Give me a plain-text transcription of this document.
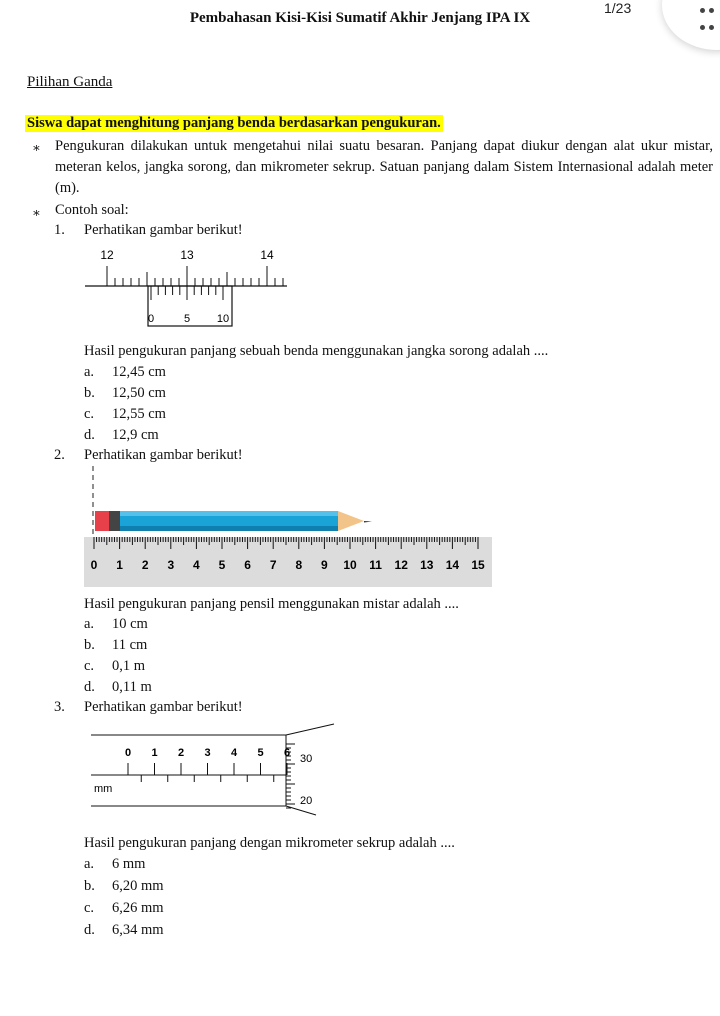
Pembahasan Kisi-Kisi Sumatif Akhir Jenjang IPA IX
1/23

Pilihan Ganda
Siswa dapat menghitung panjang benda berdasarkan pengukuran.
∗ Pengukuran dilakukan untuk mengetahui nilai suatu besaran. Panjang dapat diukur dengan alat ukur mistar, meteran kelos, jangka sorong, dan mikrometer sekrup. Satuan panjang dalam Sistem Internasional adalah meter (m).
∗ Contoh soal:
1. Perhatikan gambar berikut!
12	13	14
0	5 10
Hasil pengukuran panjang sebuah benda menggunakan jangka sorong adalah ....
a. 12,45 cm
b. 12,50 cm
c. 12,55 cm
d. 12,9 cm
2. Perhatikan gambar berikut!
0 1 2 3 4 5 6 7 8 9 10 11 12 13 14 15
Hasil pengukuran panjang pensil menggunakan mistar adalah ....
a. 10 cm
b. 11 cm
c. 0,1 m
d. 0,11 m
3. Perhatikan gambar berikut!
0 1 2 3 4 5 6 30
20
mm
Hasil pengukuran panjang dengan mikrometer sekrup adalah ....
a. 6 mm
b. 6,20 mm
c. 6,26 mm
d. 6,34 mm
